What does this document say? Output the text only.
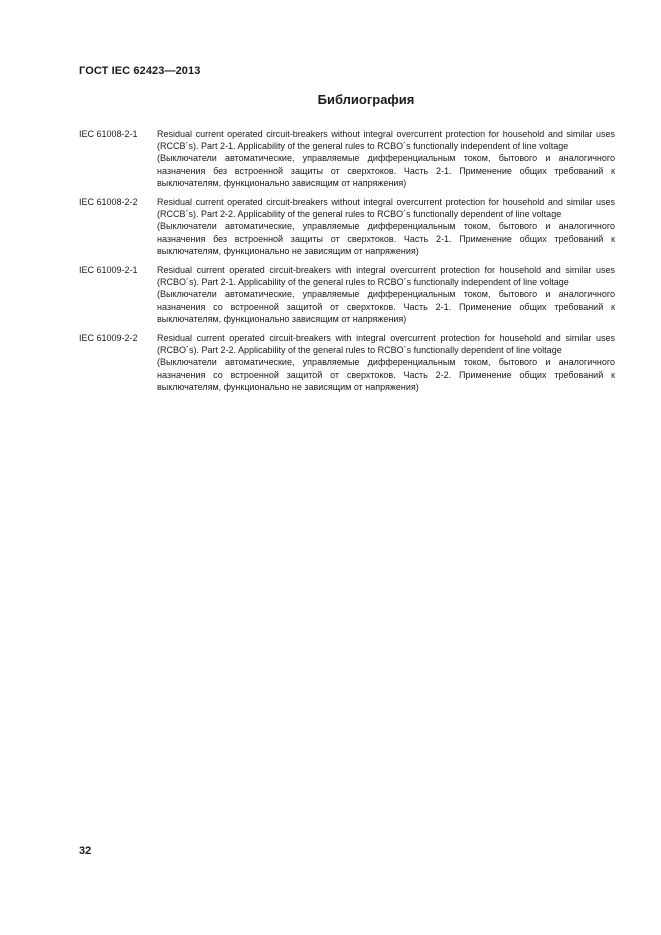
ГОСТ IEC 62423—2013
Библиография
IEC 61008-2-1	Residual current operated circuit-breakers without integral overcurrent protection for household and similar uses (RCCB´s). Part 2-1. Applicability of the general rules to RCBO´s functionally independent of line voltage
(Выключатели автоматические, управляемые дифференциальным током, бытового и аналогичного назначения без встроенной защиты от сверхтоков. Часть 2-1. Применение общих требований к выключателям, функционально зависящим от напряжения)
IEC 61008-2-2	Residual current operated circuit-breakers without integral overcurrent protection for household and similar uses (RCCB´s). Part 2-2. Applicability of the general rules to RCBO´s functionally dependent of line voltage
(Выключатели автоматические, управляемые дифференциальным током, бытового и аналогичного назначения без встроенной защиты от сверхтоков. Часть 2-1. Применение общих требований к выключателям, функционально не зависящим от напряжения)
IEC 61009-2-1	Residual current operated circuit-breakers with integral overcurrent protection for household and similar uses (RCBO´s). Part 2-1. Applicability of the general rules to RCBO´s functionally independent of line voltage
(Выключатели автоматические, управляемые дифференциальным током, бытового и аналогичного назначения со встроенной защитой от сверхтоков. Часть 2-1. Применение общих требований к выключателям, функционально зависящим от напряжения)
IEC 61009-2-2	Residual current operated circuit-breakers with integral overcurrent protection for household and similar uses (RCBO´s). Part 2-2. Applicability of the general rules to RCBO´s functionally dependent of line voltage
(Выключатели автоматические, управляемые дифференциальным током, бытового и аналогичного назначения со встроенной защитой от сверхтоков. Часть 2-2. Применение общих требований к выключателям, функционально не зависящим от напряжения)
32
